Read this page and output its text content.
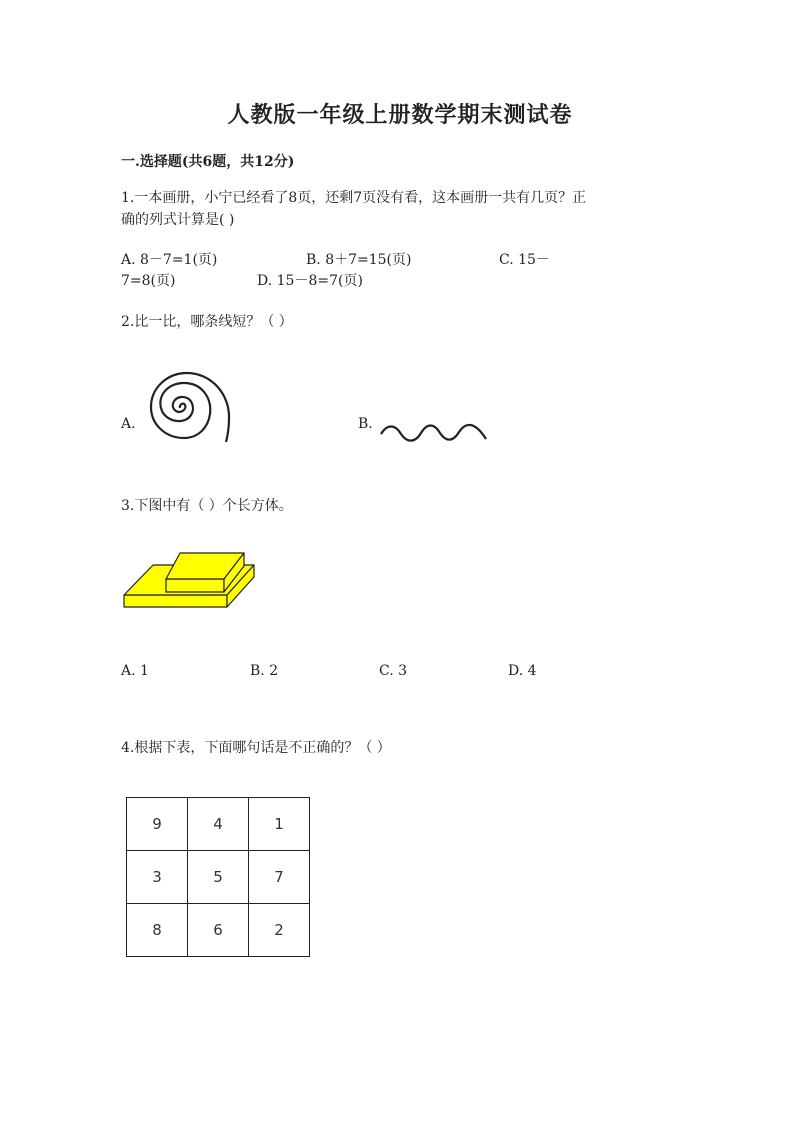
人教版一年级上册数学期末测试卷
一.选择题(共6题，共12分)
1.一本画册，小宁已经看了8页，还剩7页没有看，这本画册一共有几页？正
确的列式计算是( )
A. 8－7=1(页)	B. 8＋7=15(页)	C. 15－
7=8(页)	D. 15－8=7(页)
2.比一比，哪条线短？（ ）
A.	B.
3.下图中有（ ）个长方体。
A. 1	B. 2	C. 3	D. 4
4.根据下表，下面哪句话是不正确的？（ ）
9	4	1
3	5	7
8	6	2
